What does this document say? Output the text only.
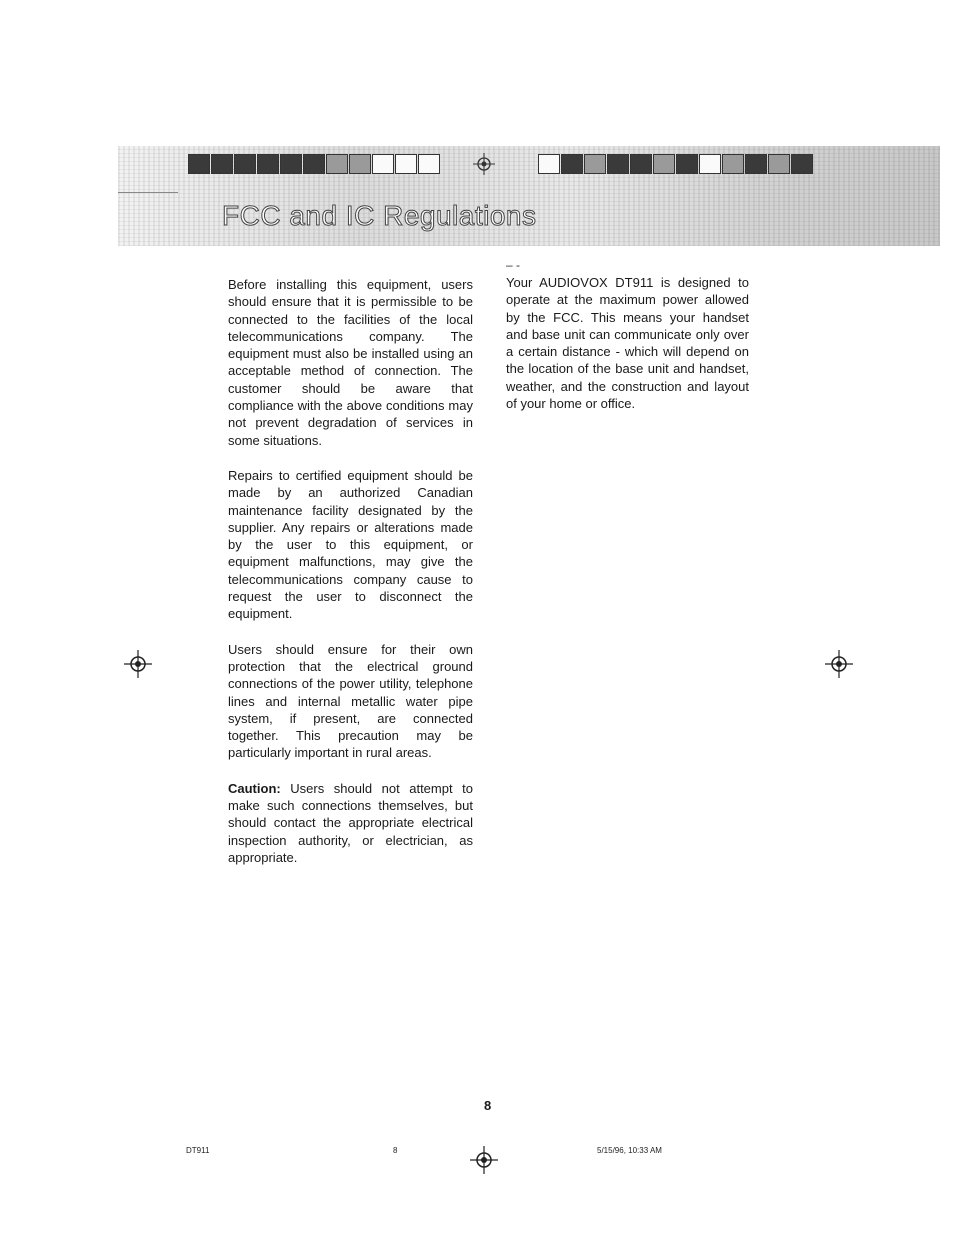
FCC and IC Regulations

Before installing this equipment, users should ensure that it is permissible to be connected to the facilities of the local telecommunications company. The equipment must also be installed using an acceptable method of connection. The customer should be aware that compliance with the above conditions may not prevent degradation of services in some situations.

Repairs to certified equipment should be made by an authorized Canadian maintenance facility designated by the supplier. Any repairs or alterations made by the user to this equipment, or equipment malfunctions, may give the telecommunications company cause to request the user to disconnect the equipment.

Users should ensure for their own protection that the electrical ground connections of the power utility, telephone lines and internal metallic water pipe system, if present, are connected together. This precaution may be particularly important in rural areas.

Caution: Users should not attempt to make such connections themselves, but should contact the appropriate electrical inspection authority, or electrician, as appropriate.

– -

Your AUDIOVOX DT911 is designed to operate at the maximum power allowed by the FCC. This means your handset and base unit can communicate only over a certain distance - which will depend on the location of the base unit and handset, weather, and the construction and layout of your home or office.

8
DT911	8	5/15/96, 10:33 AM
